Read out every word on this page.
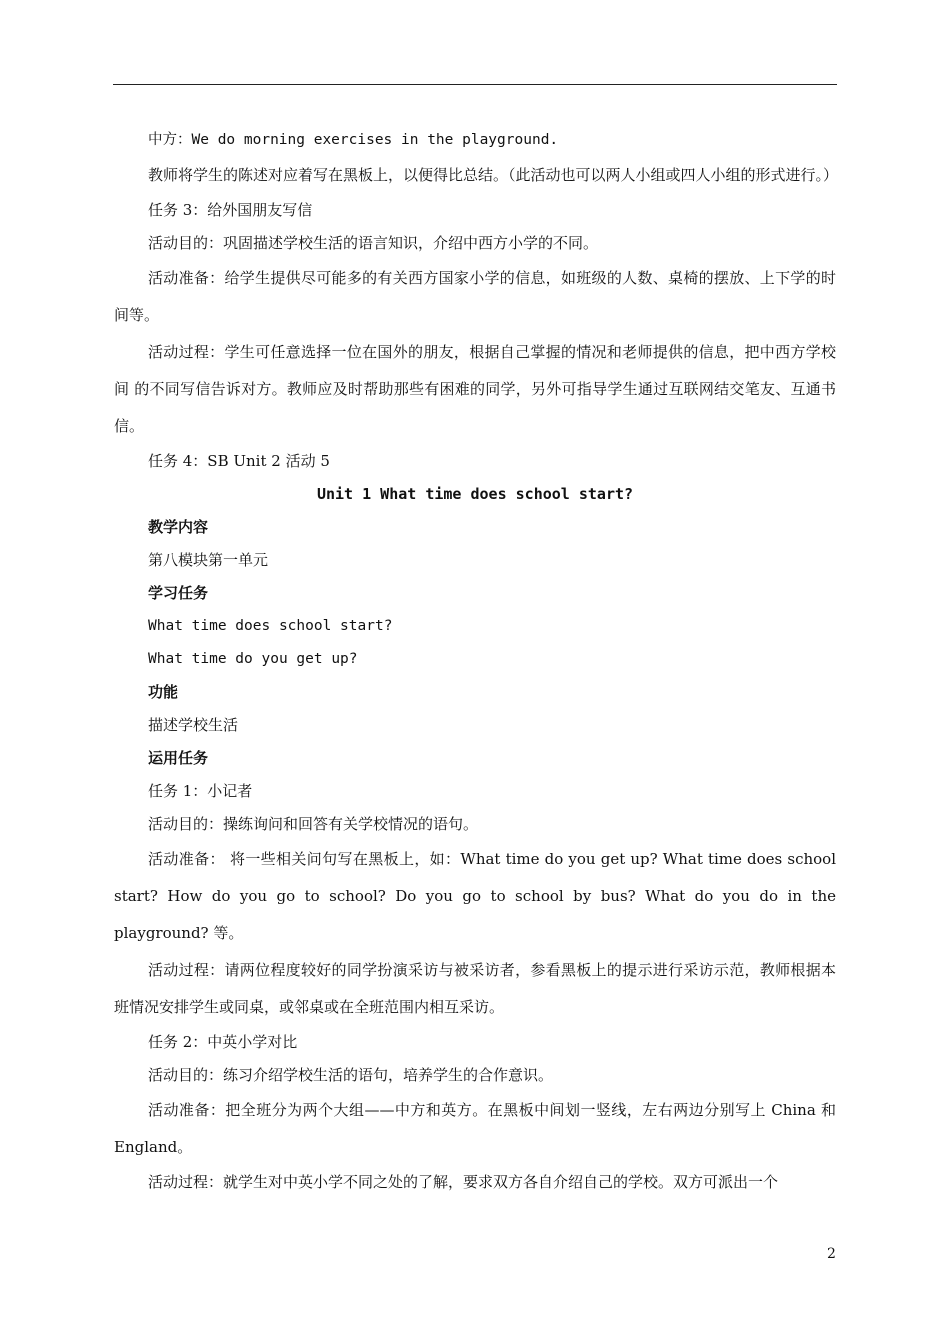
中方：We do morning exercises in the playground.
教师将学生的陈述对应着写在黑板上，以便得比总结。（此活动也可以两人小组或四人小组的形式进行。）
任务 3：给外国朋友写信
活动目的：巩固描述学校生活的语言知识，介绍中西方小学的不同。
活动准备：给学生提供尽可能多的有关西方国家小学的信息，如班级的人数、桌椅的摆放、上下学的时间等。
活动过程：学生可任意选择一位在国外的朋友，根据自己掌握的情况和老师提供的信息，把中西方学校间 的不同写信告诉对方。教师应及时帮助那些有困难的同学，另外可指导学生通过互联网结交笔友、互通书信。
任务 4：SB Unit 2 活动 5
Unit 1 What time does school start?
教学内容
第八模块第一单元
学习任务
What time does school start?
What time do you get up?
功能
描述学校生活
运用任务
任务 1：小记者
活动目的：操练询问和回答有关学校情况的语句。
活动准备： 将一些相关问句写在黑板上，如：What time do you get up? What time does school start? How do you go to school? Do you go to school by bus? What do you do in the playground? 等。
活动过程：请两位程度较好的同学扮演采访与被采访者，参看黑板上的提示进行采访示范，教师根据本班情况安排学生或同桌，或邻桌或在全班范围内相互采访。
任务 2：中英小学对比
活动目的：练习介绍学校生活的语句，培养学生的合作意识。
活动准备：把全班分为两个大组——中方和英方。在黑板中间划一竖线，左右两边分别写上 China 和 England。
活动过程：就学生对中英小学不同之处的了解，要求双方各自介绍自己的学校。双方可派出一个
2
